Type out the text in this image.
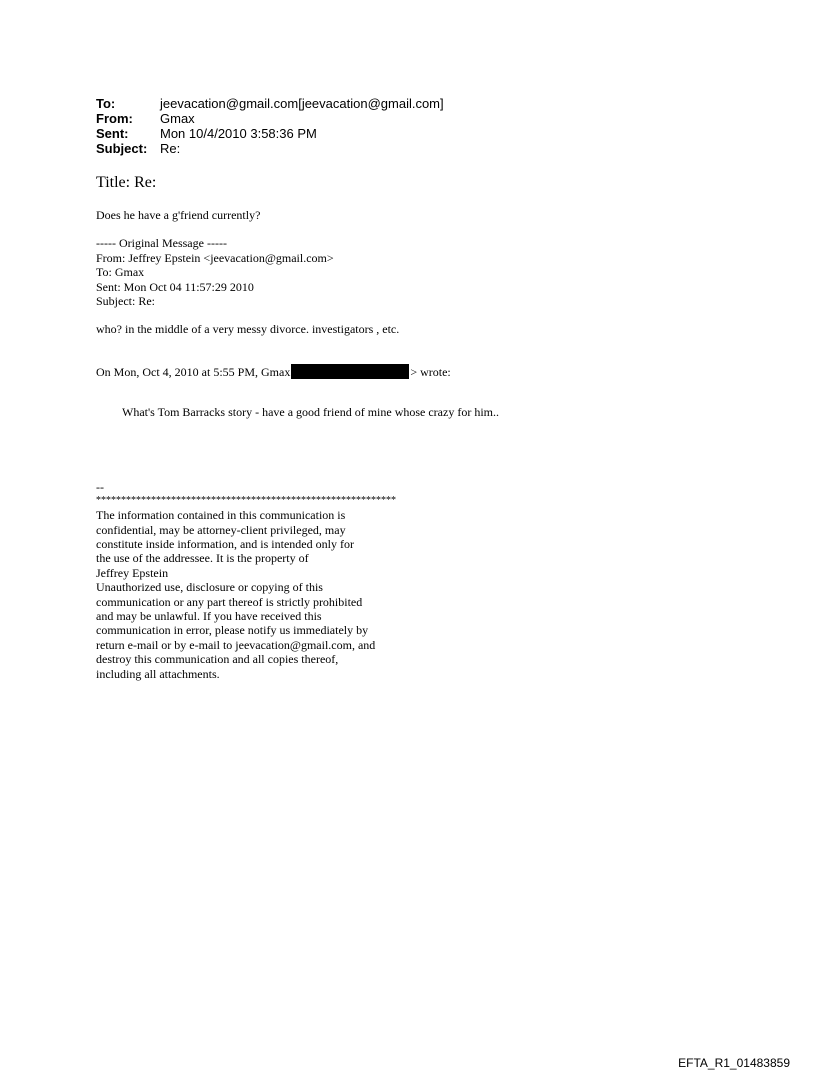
To:	jeevacation@gmail.com[jeevacation@gmail.com]
From:	Gmax
Sent:	Mon 10/4/2010 3:58:36 PM
Subject: Re:
Title: Re:
Does he have a g'friend currently?
----- Original Message -----
From: Jeffrey Epstein <jeevacation@gmail.com>
To: Gmax
Sent: Mon Oct 04 11:57:29 2010
Subject: Re:
who? in the middle of a very messy divorce. investigators , etc.
On Mon, Oct 4, 2010 at 5:55 PM, Gmax	> wrote:
What's Tom Barracks story - have a good friend of mine whose crazy for him..
--
************************************************************
The information contained in this communication is
confidential, may be attorney-client privileged, may
constitute inside information, and is intended only for
the use of the addressee. It is the property of
Jeffrey Epstein
Unauthorized use, disclosure or copying of this
communication or any part thereof is strictly prohibited
and may be unlawful. If you have received this
communication in error, please notify us immediately by
return e-mail or by e-mail to jeevacation@gmail.com, and
destroy this communication and all copies thereof,
including all attachments.
EFTA_R1_01483859
